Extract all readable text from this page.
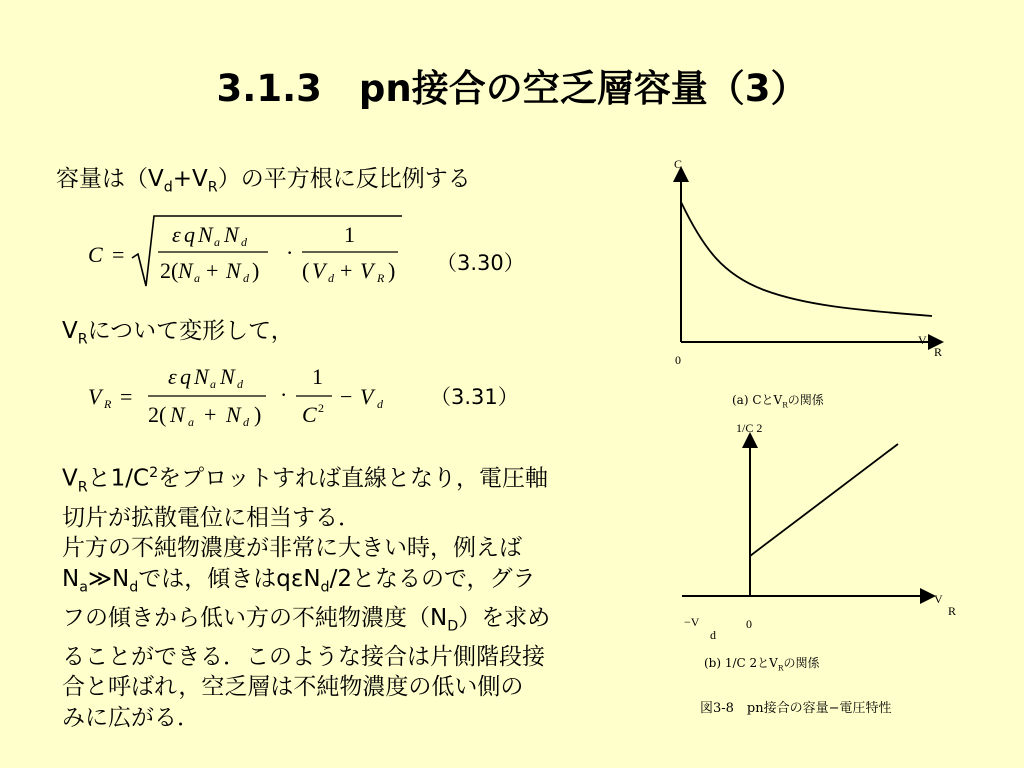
3.1.3　pn接合の空乏層容量（3）
容量は$(V_d+V_R)$の平方根に反比例する
C =
ε q N a N d
2( N a + N d )
·
1
( V d + V R ) （3.30）
$V_R$について変形して，
V R =
ε q N a N d
2( N a + N d )
·
1
C 2 − V d （3.31）
$V_R$と$1/C^2$をプロットすれば直線となり，電圧軸
切片が拡散電位に相当する．
片方の不純物濃度が非常に大きい時，例えば
$N_a≫N_d$では，傾きはqεN$_d$/2となるので，グラ
フの傾きから低い方の不純物濃度$(N_D)$を求め
ることができる．このような接合は片側階段接
合と呼ばれ，空乏層は不純物濃度の低い側の
みに広がる．
C
V
R
0
(a) Cと$V_R$の関係
1/C 2
V
R
−V
d
0
(b) 1/C 2と$V_R$の関係
図3-8　pn接合の容量−電圧特性
